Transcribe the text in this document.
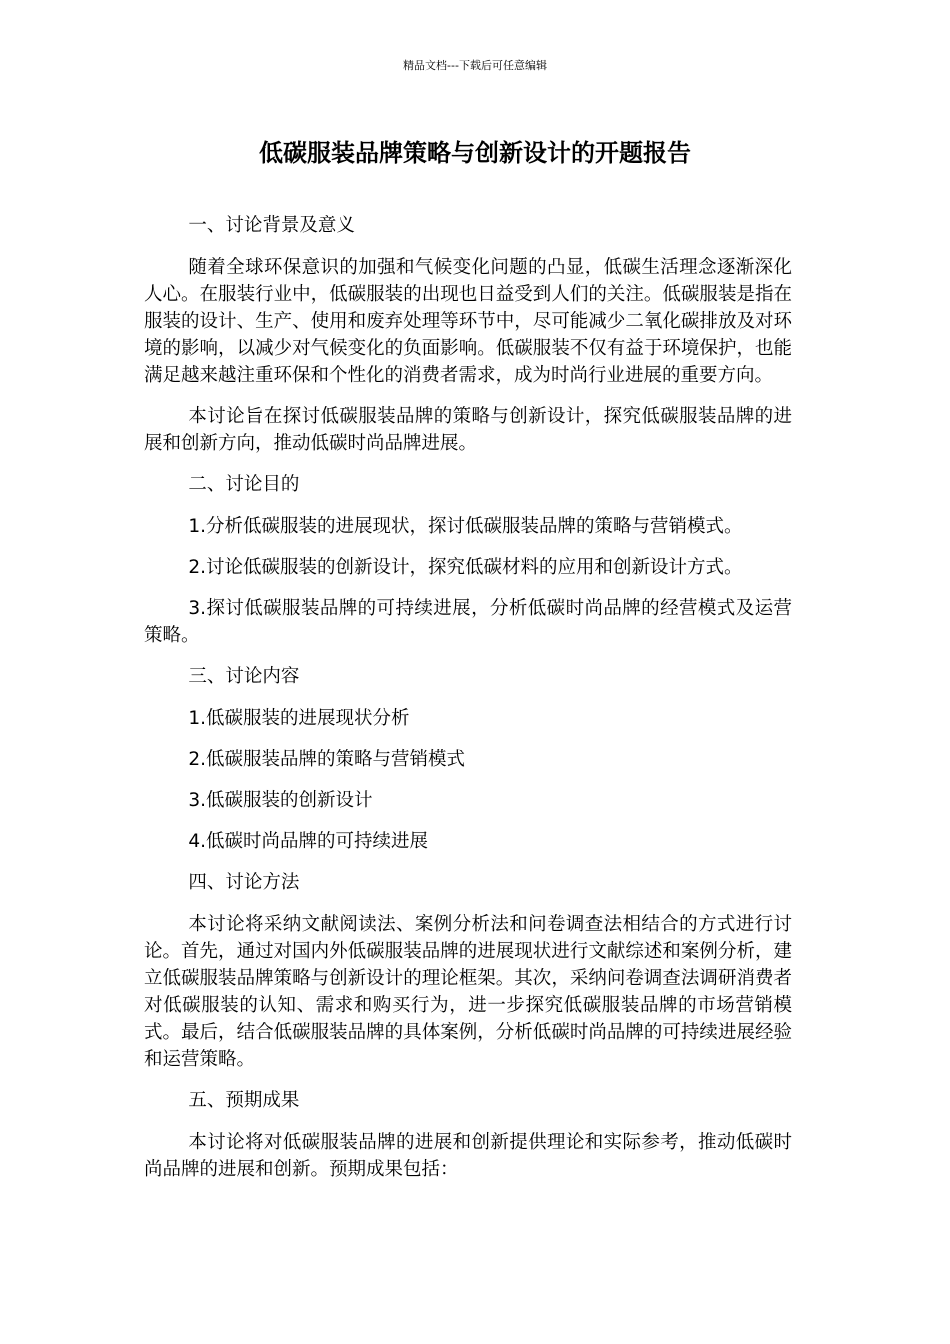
精品文档---下载后可任意编辑
低碳服装品牌策略与创新设计的开题报告

一、讨论背景及意义

随着全球环保意识的加强和气候变化问题的凸显，低碳生活理念逐渐深化人心。在服装行业中，低碳服装的出现也日益受到人们的关注。低碳服装是指在服装的设计、生产、使用和废弃处理等环节中，尽可能减少二氧化碳排放及对环境的影响，以减少对气候变化的负面影响。低碳服装不仅有益于环境保护，也能满足越来越注重环保和个性化的消费者需求，成为时尚行业进展的重要方向。

本讨论旨在探讨低碳服装品牌的策略与创新设计，探究低碳服装品牌的进展和创新方向，推动低碳时尚品牌进展。

二、讨论目的

1.分析低碳服装的进展现状，探讨低碳服装品牌的策略与营销模式。

2.讨论低碳服装的创新设计，探究低碳材料的应用和创新设计方式。

3.探讨低碳服装品牌的可持续进展，分析低碳时尚品牌的经营模式及运营策略。

三、讨论内容

1.低碳服装的进展现状分析

2.低碳服装品牌的策略与营销模式

3.低碳服装的创新设计

4.低碳时尚品牌的可持续进展

四、讨论方法

本讨论将采纳文献阅读法、案例分析法和问卷调查法相结合的方式进行讨论。首先，通过对国内外低碳服装品牌的进展现状进行文献综述和案例分析，建立低碳服装品牌策略与创新设计的理论框架。其次，采纳问卷调查法调研消费者对低碳服装的认知、需求和购买行为，进一步探究低碳服装品牌的市场营销模式。最后，结合低碳服装品牌的具体案例，分析低碳时尚品牌的可持续进展经验和运营策略。

五、预期成果

本讨论将对低碳服装品牌的进展和创新提供理论和实际参考，推动低碳时尚品牌的进展和创新。预期成果包括：
